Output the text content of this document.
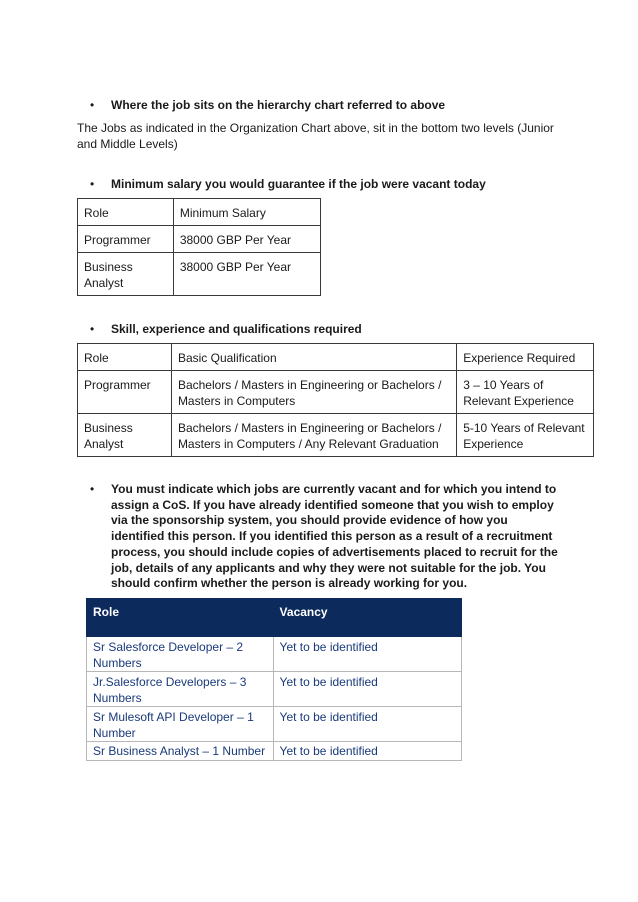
•	Where the job sits on the hierarchy chart referred to above

The Jobs as indicated in the Organization Chart above, sit in the bottom two levels (Junior and Middle Levels)

•	Minimum salary you would guarantee if the job were vacant today
Role	Minimum Salary
Programmer	38000 GBP Per Year
Business Analyst	38000 GBP Per Year
•	Skill, experience and qualifications required
Role	Basic Qualification	Experience Required
Programmer	Bachelors / Masters in Engineering or Bachelors / Masters in Computers	3 – 10 Years of Relevant Experience
Business Analyst	Bachelors / Masters in Engineering or Bachelors / Masters in Computers / Any Relevant Graduation	5-10 Years of Relevant Experience
•	You must indicate which jobs are currently vacant and for which you intend to assign a CoS. If you have already identified someone that you wish to employ via the sponsorship system, you should provide evidence of how you identified this person. If you identified this person as a result of a recruitment process, you should include copies of advertisements placed to recruit for the job, details of any applicants and why they were not suitable for the job. You should confirm whether the person is already working for you.
Role	Vacancy
Sr Salesforce Developer – 2 Numbers	Yet to be identified
Jr.Salesforce Developers – 3 Numbers	Yet to be identified
Sr Mulesoft API Developer – 1 Number	Yet to be identified
Sr Business Analyst – 1 Number	Yet to be identified
